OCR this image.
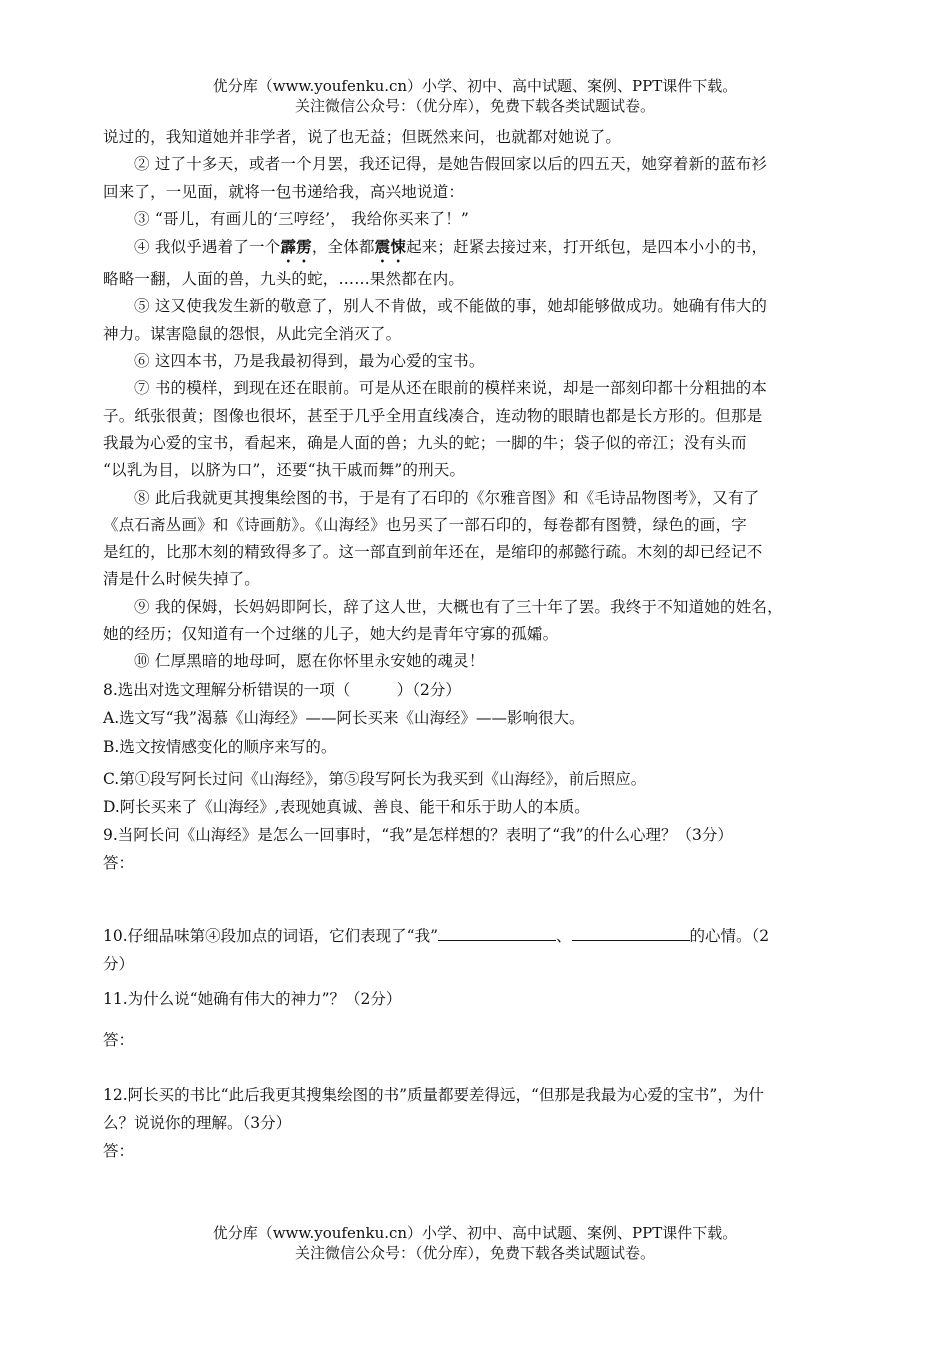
优分库（www.youfenku.cn）小学、初中、高中试题、案例、PPT课件下载。
关注微信公众号：（优分库），免费下载各类试题试卷。

说过的，我知道她并非学者，说了也无益；但既然来问，也就都对她说了。

② 过了十多天，或者一个月罢，我还记得，是她告假回家以后的四五天，她穿着新的蓝布衫

回来了，一见面，就将一包书递给我，高兴地说道：

③ “哥儿，有画儿的‘三哼经’， 我给你买来了！”

④ 我似乎遇着了一个霹雳，全体都震悚起来；赶紧去接过来，打开纸包，是四本小小的书，

略略一翻，人面的兽，九头的蛇，……果然都在内。

⑤ 这又使我发生新的敬意了，别人不肯做，或不能做的事，她却能够做成功。她确有伟大的

神力。谋害隐鼠的怨恨，从此完全消灭了。

⑥ 这四本书，乃是我最初得到，最为心爱的宝书。

⑦ 书的模样，到现在还在眼前。可是从还在眼前的模样来说，却是一部刻印都十分粗拙的本

子。纸张很黄；图像也很坏，甚至于几乎全用直线凑合，连动物的眼睛也都是长方形的。但那是

我最为心爱的宝书，看起来，确是人面的兽；九头的蛇；一脚的牛；袋子似的帝江；没有头而

“以乳为目，以脐为口”，还要“执干戚而舞”的刑天。

⑧ 此后我就更其搜集绘图的书，于是有了石印的《尔雅音图》和《毛诗品物图考》，又有了

《点石斋丛画》和《诗画舫》。《山海经》也另买了一部石印的，每卷都有图赞，绿色的画，字

是红的，比那木刻的精致得多了。这一部直到前年还在，是缩印的郝懿行疏。木刻的却已经记不

清是什么时候失掉了。

⑨ 我的保姆，长妈妈即阿长，辞了这人世，大概也有了三十年了罢。我终于不知道她的姓名，

她的经历；仅知道有一个过继的儿子，她大约是青年守寡的孤孀。

⑩ 仁厚黑暗的地母呵，愿在你怀里永安她的魂灵！

8.选出对选文理解分析错误的一项（　　　）（2分）

A.选文写“我”渴慕《山海经》——阿长买来《山海经》——影响很大。

B.选文按情感变化的顺序来写的。

C.第①段写阿长过问《山海经》，第⑤段写阿长为我买到《山海经》，前后照应。

D.阿长买来了《山海经》,表现她真诚、善良、能干和乐于助人的本质。

9.当阿长问《山海经》是怎么一回事时，“我”是怎样想的？表明了“我”的什么心理？（3分）

答：

10.仔细品味第④段加点的词语，它们表现了“我”	、	的心情。（2

分）

11.为什么说“她确有伟大的神力”？（2分）

答：

12.阿长买的书比“此后我更其搜集绘图的书”质量都要差得远，“但那是我最为心爱的宝书”，为什

么？说说你的理解。（3分）

答：

优分库（www.youfenku.cn）小学、初中、高中试题、案例、PPT课件下载。
关注微信公众号：（优分库），免费下载各类试题试卷。
